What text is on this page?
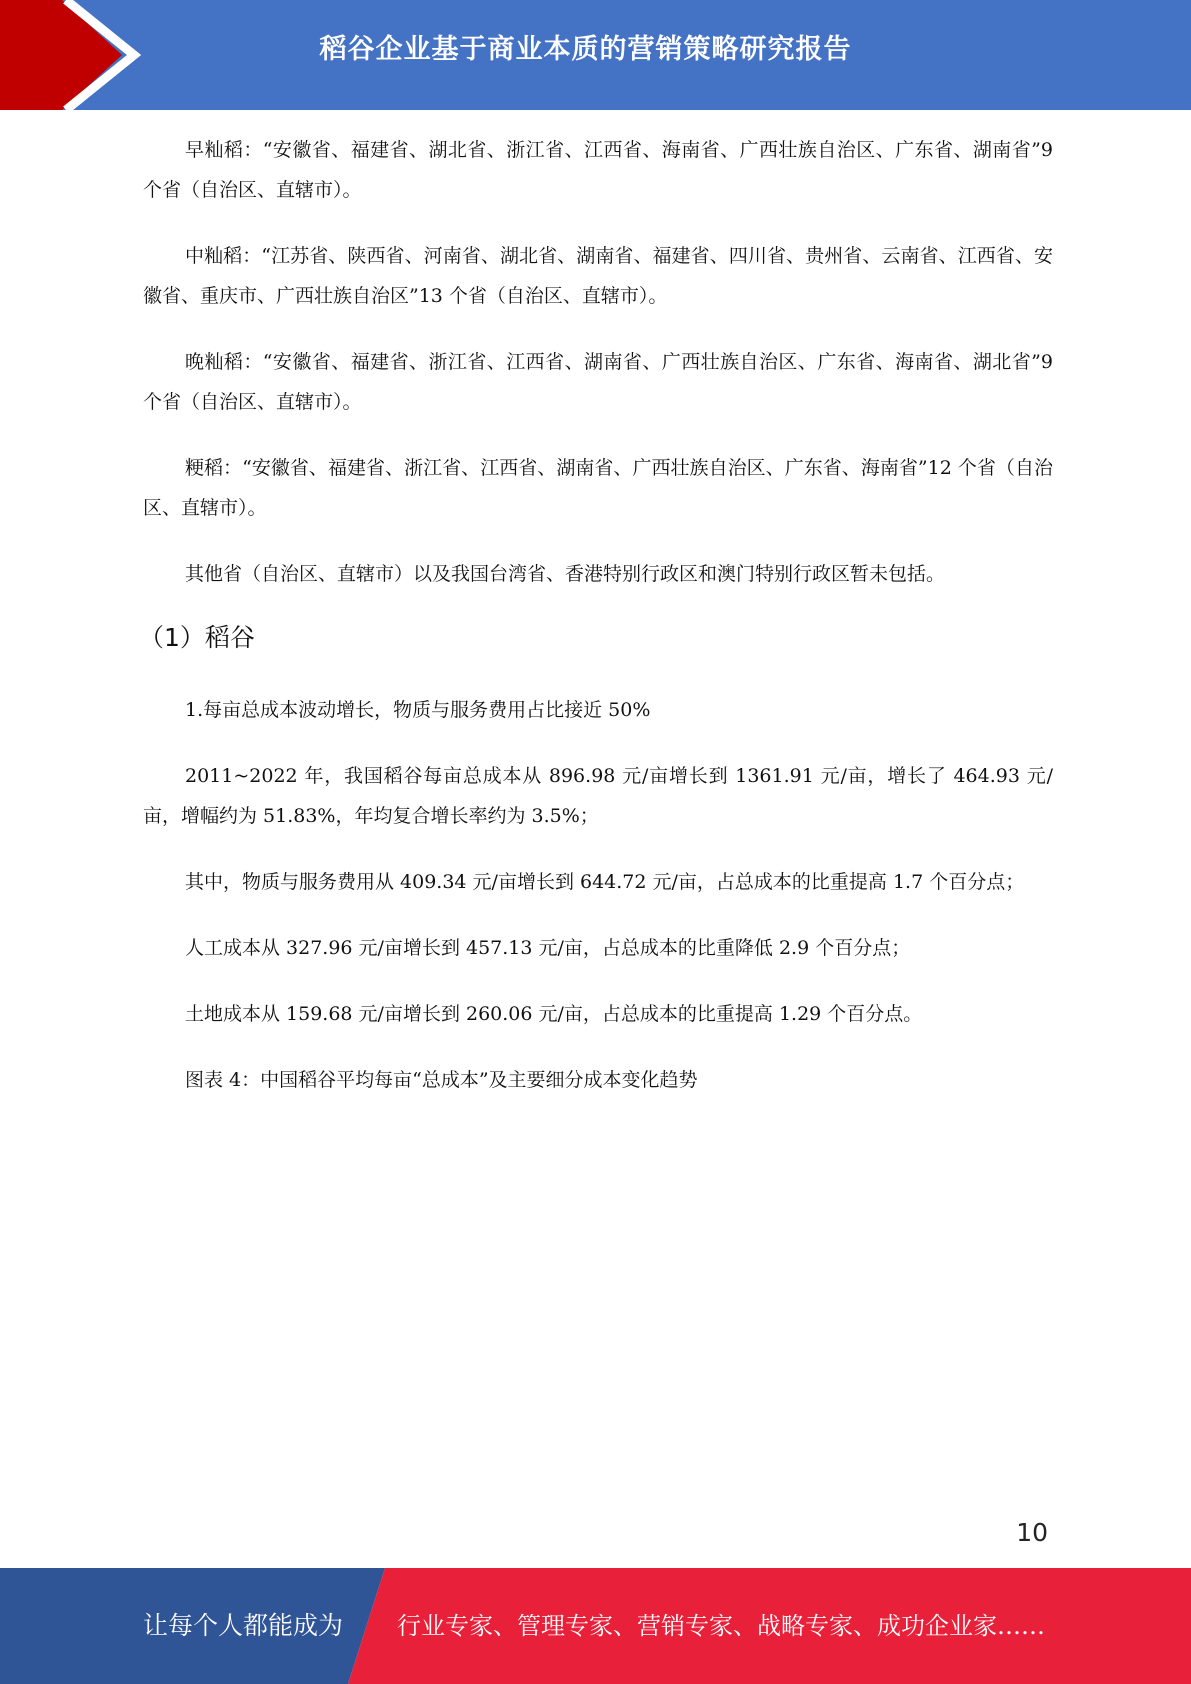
稻谷企业基于商业本质的营销策略研究报告

早籼稻：“安徽省、福建省、湖北省、浙江省、江西省、海南省、广西壮族自治区、广东省、湖南省”9 个省（自治区、直辖市）。

中籼稻：“江苏省、陕西省、河南省、湖北省、湖南省、福建省、四川省、贵州省、云南省、江西省、安徽省、重庆市、广西壮族自治区”13 个省（自治区、直辖市）。

晚籼稻：“安徽省、福建省、浙江省、江西省、湖南省、广西壮族自治区、广东省、海南省、湖北省”9 个省（自治区、直辖市）。

粳稻：“安徽省、福建省、浙江省、江西省、湖南省、广西壮族自治区、广东省、海南省”12 个省（自治区、直辖市）。

其他省（自治区、直辖市）以及我国台湾省、香港特别行政区和澳门特别行政区暂未包括。

（1）稻谷

1.每亩总成本波动增长，物质与服务费用占比接近 50%

2011~2022 年，我国稻谷每亩总成本从 896.98 元/亩增长到 1361.91 元/亩，增长了 464.93 元/亩，增幅约为 51.83%，年均复合增长率约为 3.5%；

其中，物质与服务费用从 409.34 元/亩增长到 644.72 元/亩，占总成本的比重提高 1.7 个百分点；

人工成本从 327.96 元/亩增长到 457.13 元/亩，占总成本的比重降低 2.9 个百分点；

土地成本从 159.68 元/亩增长到 260.06 元/亩，占总成本的比重提高 1.29 个百分点。

图表 4：中国稻谷平均每亩“总成本”及主要细分成本变化趋势

10
让每个人都能成为 行业专家、管理专家、营销专家、战略专家、成功企业家……
